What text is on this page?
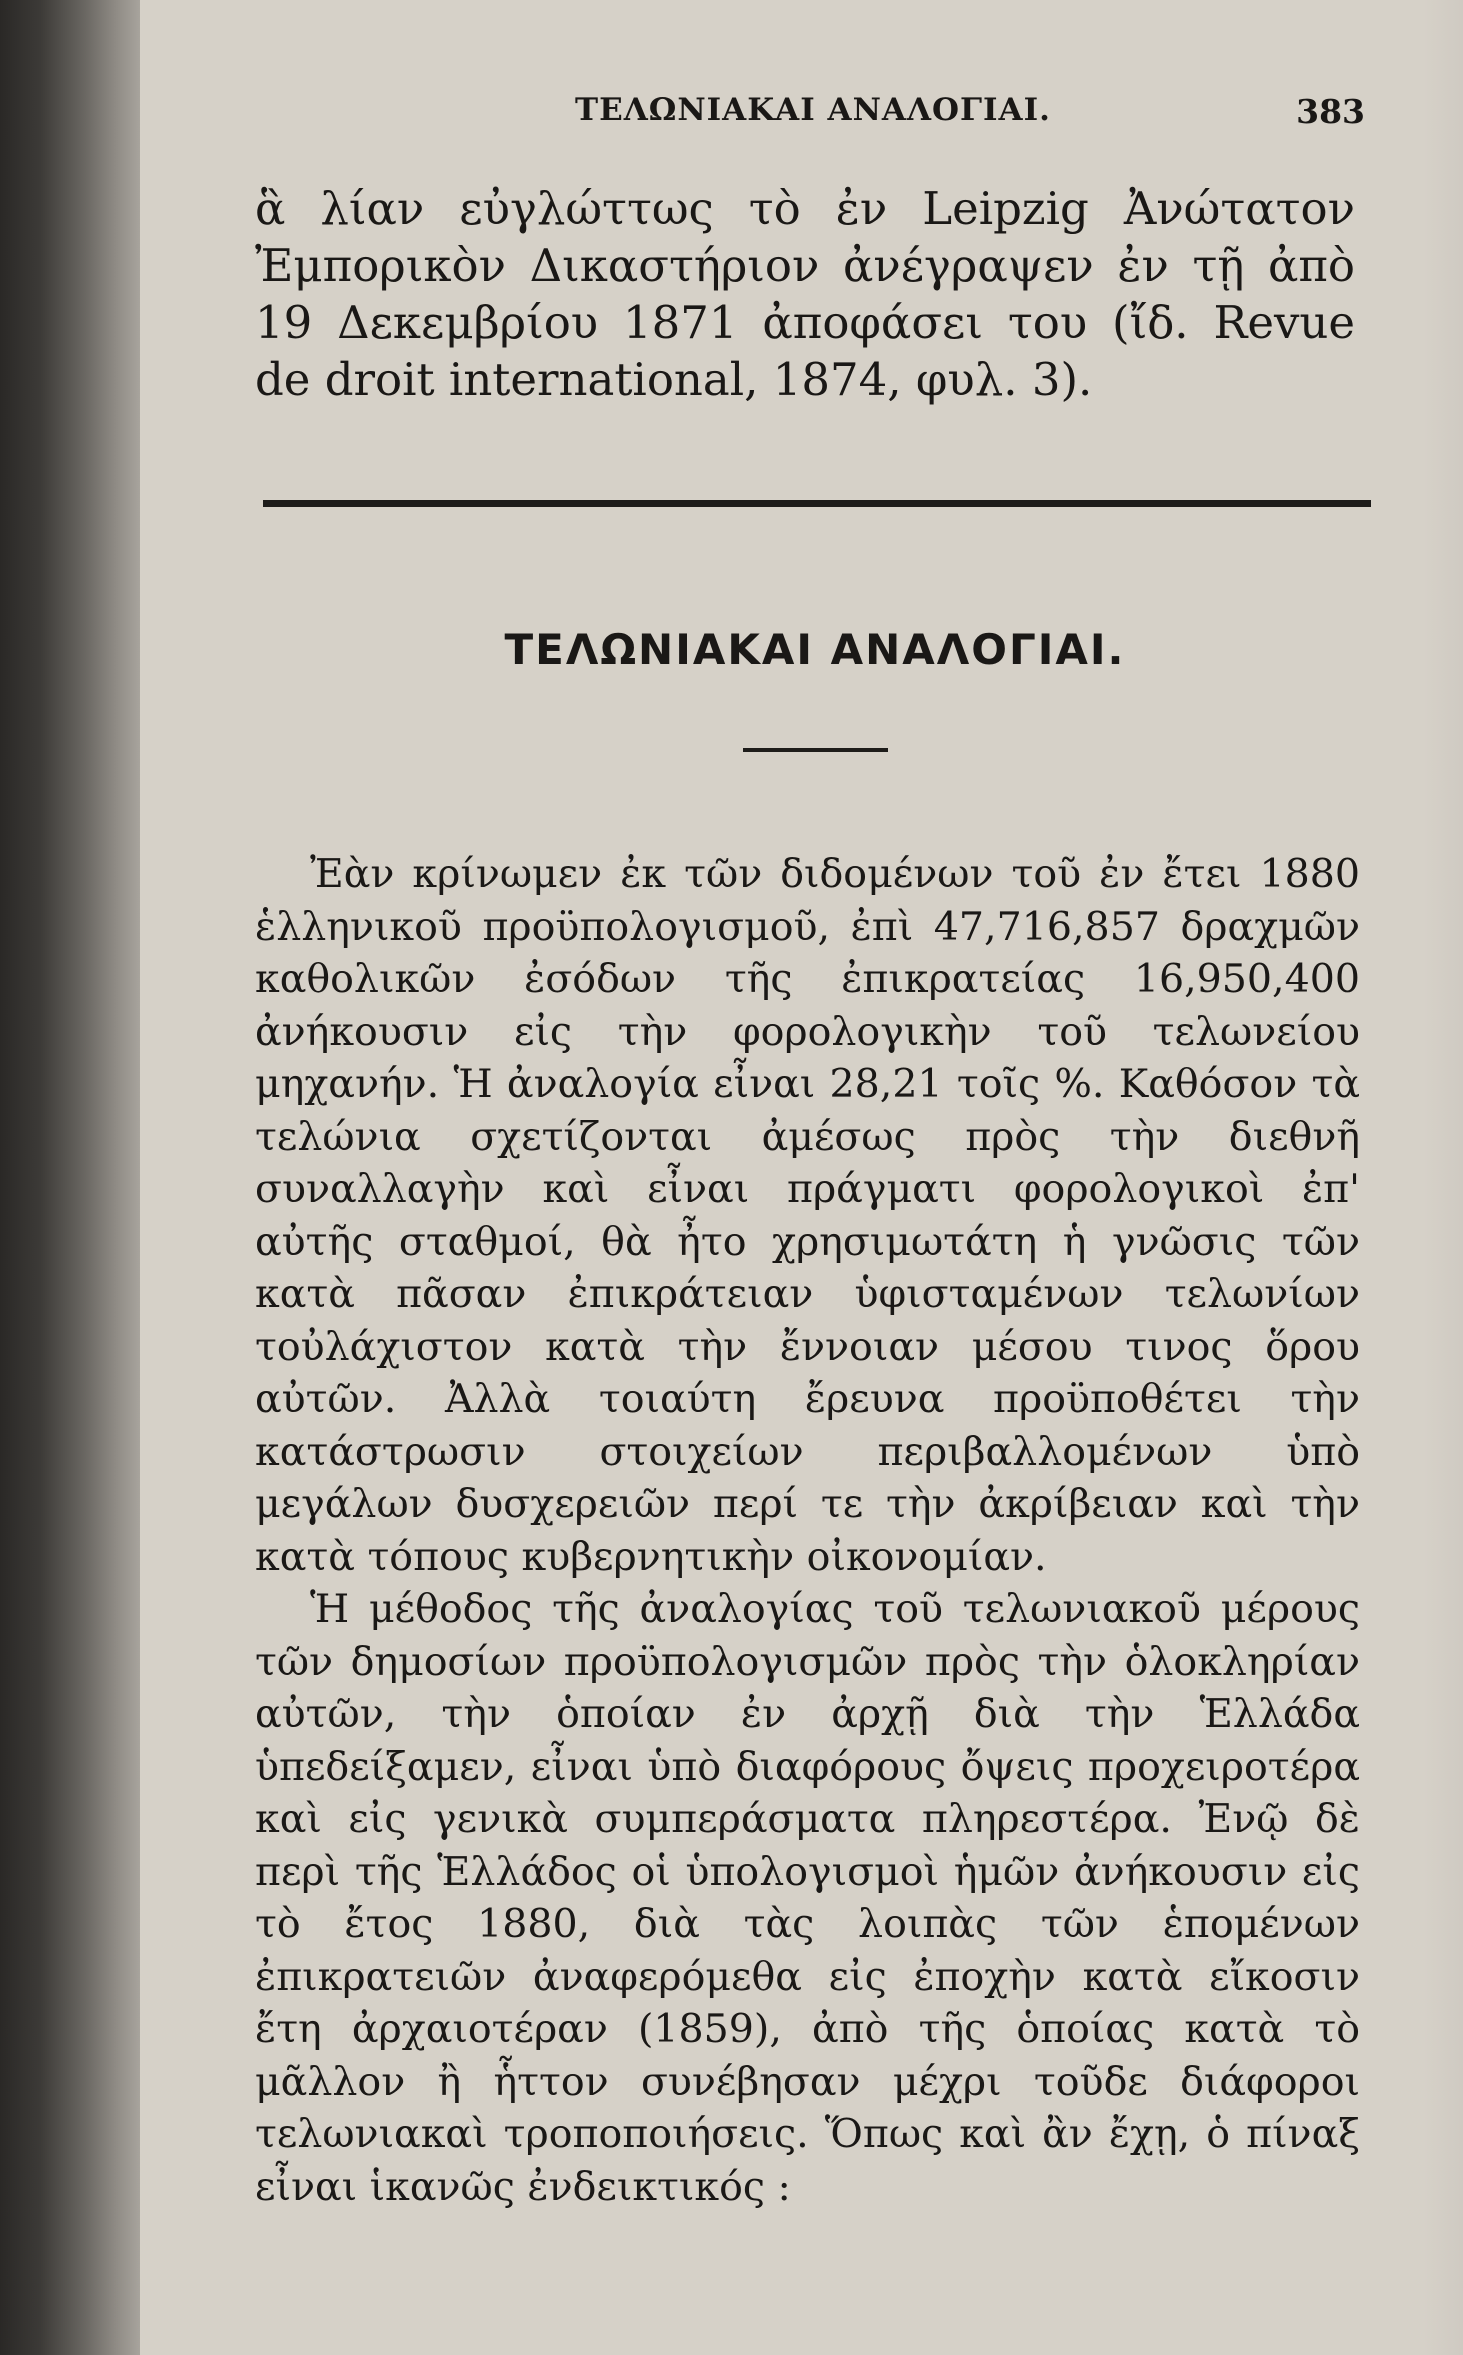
ΤΕΛΩΝΙΑΚΑΙ ΑΝΑΛΟΓΙΑΙ.	383
ἃ λίαν εὐγλώττως τὸ ἐν Leipzig Ἀνώτατον Ἐμπορικὸν Δικαστήριον ἀνέγραψεν ἐν τῇ ἀπὸ 19 Δεκεμβρίου 1871 ἀποφάσει του (ἴδ. Revue de droit international, 1874, φυλ. 3).
ΤΕΛΩΝΙΑΚΑΙ ΑΝΑΛΟΓΙΑΙ.

Ἐὰν κρίνωμεν ἐκ τῶν διδομένων τοῦ ἐν ἔτει 1880 ἑλληνικοῦ προϋπολογισμοῦ, ἐπὶ 47,716,857 δραχμῶν καθολικῶν ἐσόδων τῆς ἐπικρατείας 16,950,400 ἀνήκουσιν εἰς τὴν φορολογικὴν τοῦ τελωνείου μηχανήν. Ἡ ἀναλογία εἶναι 28,21 τοῖς %. Καθόσον τὰ τελώνια σχετίζονται ἀμέσως πρὸς τὴν διεθνῆ συναλλαγὴν καὶ εἶναι πράγματι φορολογικοὶ ἐπ' αὐτῆς σταθμοί, θὰ ἦτο χρησιμωτάτη ἡ γνῶσις τῶν κατὰ πᾶσαν ἐπικράτειαν ὑφισταμένων τελωνίων τοὐλάχιστον κατὰ τὴν ἔννοιαν μέσου τινος ὅρου αὐτῶν. Ἀλλὰ τοιαύτη ἔρευνα προϋποθέτει τὴν κατάστρωσιν στοιχείων περιβαλλομένων ὑπὸ μεγάλων δυσχερειῶν περί τε τὴν ἀκρίβειαν καὶ τὴν κατὰ τόπους κυβερνητικὴν οἰκονομίαν.

Ἡ μέθοδος τῆς ἀναλογίας τοῦ τελωνιακοῦ μέρους τῶν δημοσίων προϋπολογισμῶν πρὸς τὴν ὁλοκληρίαν αὐτῶν, τὴν ὁποίαν ἐν ἀρχῇ διὰ τὴν Ἑλλάδα ὑπεδείξαμεν, εἶναι ὑπὸ διαφόρους ὄψεις προχειροτέρα καὶ εἰς γενικὰ συμπεράσματα πληρεστέρα. Ἐνῷ δὲ περὶ τῆς Ἑλλάδος οἱ ὑπολογισμοὶ ἡμῶν ἀνήκουσιν εἰς τὸ ἔτος 1880, διὰ τὰς λοιπὰς τῶν ἑπομένων ἐπικρατειῶν ἀναφερόμεθα εἰς ἐποχὴν κατὰ εἴκοσιν ἔτη ἀρχαιοτέραν (1859), ἀπὸ τῆς ὁποίας κατὰ τὸ μᾶλλον ἢ ἧττον συνέβησαν μέχρι τοῦδε διάφοροι τελωνιακαὶ τροποποιήσεις. Ὅπως καὶ ἂν ἔχῃ, ὁ πίναξ εἶναι ἱκανῶς ἐνδεικτικός :
